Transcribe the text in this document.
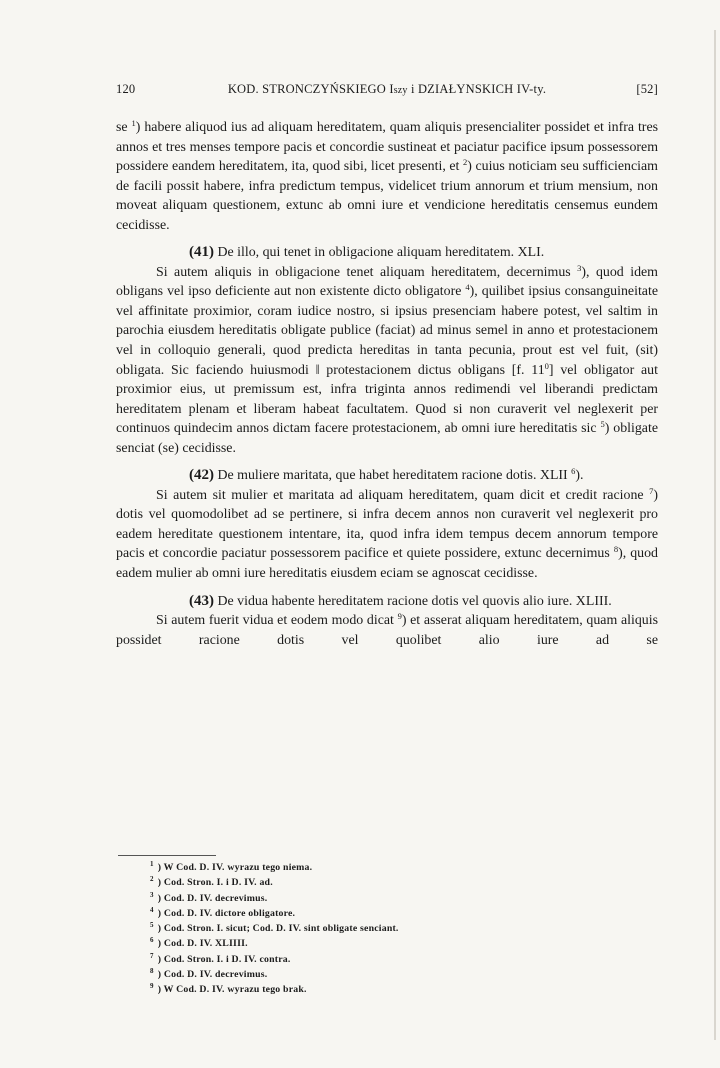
120	KOD. STRONCZYŃSKIEGO Iszy i DZIAŁYNSKICH IV-ty.	[52]

se $^1$) habere aliquod ius ad aliquam hereditatem, quam aliquis presencialiter possidet et infra tres annos et tres menses tempore pacis et concordie sustineat et paciatur pacifice ipsum possessorem possidere eandem hereditatem, ita, quod sibi, licet presenti, et $^2$) cuius noticiam seu sufficienciam de facili possit habere, infra predictum tempus, videlicet trium annorum et trium mensium, non moveat aliquam questionem, extunc ab omni iure et vendicione hereditatis censemus eundem cecidisse.

(41) De illo, qui tenet in obligacione aliquam hereditatem. XLI.

Si autem aliquis in obligacione tenet aliquam hereditatem, decernimus $^3$), quod idem obligans vel ipso deficiente aut non existente dicto obligatore $^4$), quilibet ipsius consanguineitate vel affinitate proximior, coram iudice nostro, si ipsius presenciam habere potest, vel saltim in parochia eiusdem hereditatis obligate publice (faciat) ad minus semel in anno et protestacionem vel in colloquio generali, quod predicta hereditas in tanta pecunia, prout est vel fuit, (sit) obligata. Sic faciendo huiusmodi ‖ protestacionem dictus obligans [f. $11^0$] vel obligator aut proximior eius, ut premissum est, infra triginta annos redimendi vel liberandi predictam hereditatem plenam et liberam habeat facultatem. Quod si non curaverit vel neglexerit per continuos quindecim annos dictam facere protestacionem, ab omni iure hereditatis sic $^5$) obligate senciat (se) cecidisse.

(42) De muliere maritata, que habet hereditatem racione dotis. XLII $^6$).

Si autem sit mulier et maritata ad aliquam hereditatem, quam dicit et credit racione $^7$) dotis vel quomodolibet ad se pertinere, si infra decem annos non curaverit vel neglexerit pro eadem hereditate questionem intentare, ita, quod infra idem tempus decem annorum tempore pacis et concordie paciatur possessorem pacifice et quiete possidere, extunc decernimus $^8$), quod eadem mulier ab omni iure hereditatis eiusdem eciam se agnoscat cecidisse.

(43) De vidua habente hereditatem racione dotis vel quovis alio iure. XLIII.

Si autem fuerit vidua et eodem modo dicat $^9$) et asserat aliquam hereditatem, quam aliquis possidet racione dotis vel quolibet alio iure ad se

$^1$ ) W Cod. D. IV. wyrazu tego niema.
$^2$ ) Cod. Stron. I. i D. IV. ad.
$^3$ ) Cod. D. IV. decrevimus.
$^4$ ) Cod. D. IV. dictore obligatore.
$^5$ ) Cod. Stron. I. sicut; Cod. D. IV. sint obligate senciant.
$^6$ ) Cod. D. IV. XLIIII.
$^7$ ) Cod. Stron. I. i D. IV. contra.
$^8$ ) Cod. D. IV. decrevimus.
$^9$ ) W Cod. D. IV. wyrazu tego brak.
